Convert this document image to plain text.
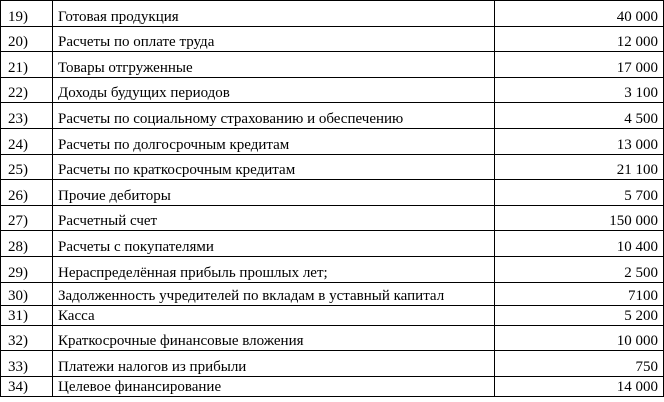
19)	Готовая продукция	40 000
20)	Расчеты по оплате труда	12 000
21)	Товары отгруженные	17 000
22)	Доходы будущих периодов	3 100
23)	Расчеты по социальному страхованию и обеспечению	4 500
24)	Расчеты по долгосрочным кредитам	13 000
25)	Расчеты по краткосрочным кредитам	21 100
26)	Прочие дебиторы	5 700
27)	Расчетный счет	150 000
28)	Расчеты с покупателями	10 400
29)	Нераспределённая прибыль прошлых лет;	2 500
30)	Задолженность учредителей по вкладам в уставный капитал	7100
31)	Касса	5 200
32)	Краткосрочные финансовые вложения	10 000
33)	Платежи налогов из прибыли	750
34)	Целевое финансирование	14 000
